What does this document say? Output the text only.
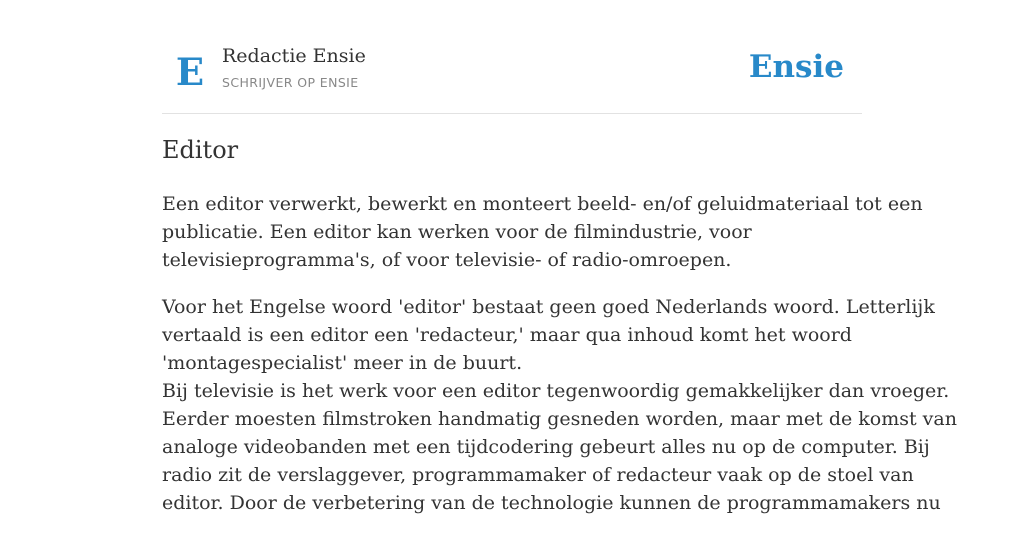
E Redactie Ensie
SCHRIJVER OP ENSIE	Ensie
Editor

Een editor verwerkt, bewerkt en monteert beeld- en/of geluidmateriaal tot een
publicatie. Een editor kan werken voor de filmindustrie, voor
televisieprogramma's, of voor televisie- of radio-omroepen.

Voor het Engelse woord 'editor' bestaat geen goed Nederlands woord. Letterlijk
vertaald is een editor een 'redacteur,' maar qua inhoud komt het woord
'montagespecialist' meer in de buurt.
Bij televisie is het werk voor een editor tegenwoordig gemakkelijker dan vroeger.
Eerder moesten filmstroken handmatig gesneden worden, maar met de komst van
analoge videobanden met een tijdcodering gebeurt alles nu op de computer. Bij
radio zit de verslaggever, programmamaker of redacteur vaak op de stoel van
editor. Door de verbetering van de technologie kunnen de programmamakers nu
